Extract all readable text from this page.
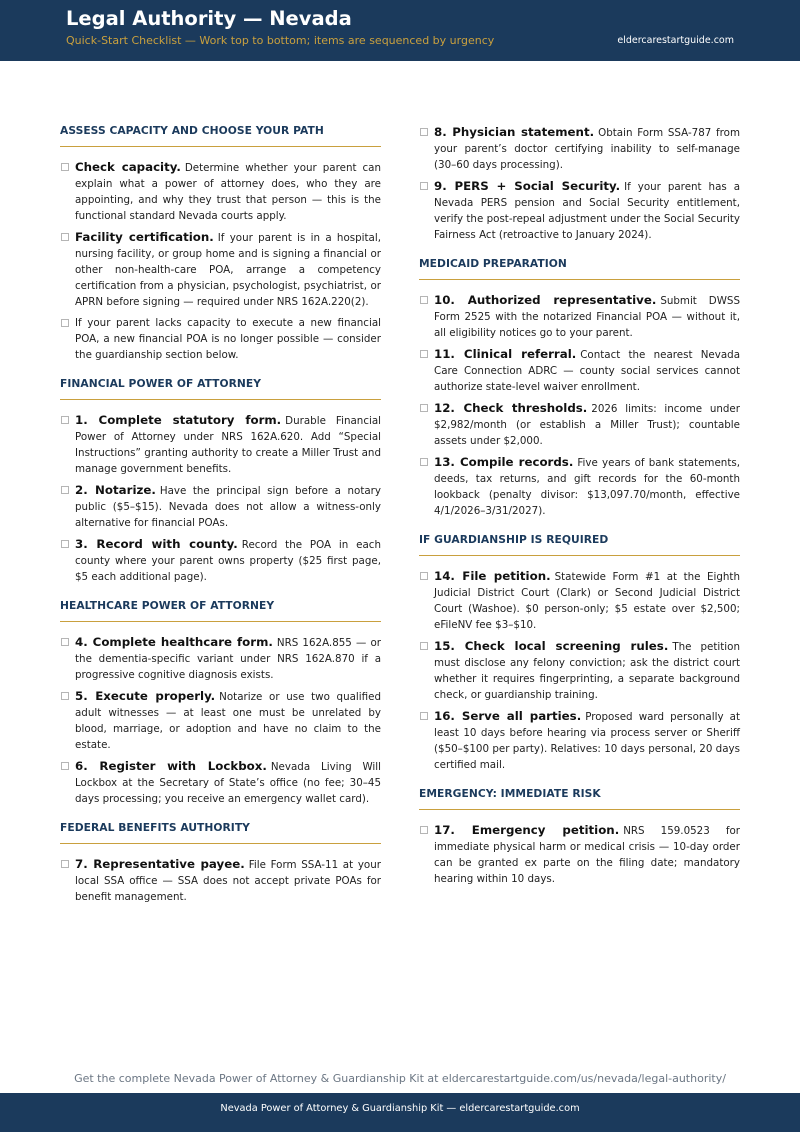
Legal Authority — Nevada
Quick-Start Checklist — Work top to bottom; items are sequenced by urgency	eldercarestartguide.com
ASSESS CAPACITY AND CHOOSE YOUR PATH
Check capacity. Determine whether your parent can explain what a power of attorney does, who they are appointing, and why they trust that person — this is the functional standard Nevada courts apply.
Facility certification. If your parent is in a hospital, nursing facility, or group home and is signing a financial or other non-health-care POA, arrange a competency certification from a physician, psychologist, psychiatrist, or APRN before signing — required under NRS 162A.220(2).
If your parent lacks capacity to execute a new financial POA, a new financial POA is no longer possible — consider the guardianship section below.
FINANCIAL POWER OF ATTORNEY
1. Complete statutory form. Durable Financial Power of Attorney under NRS 162A.620. Add “Special Instructions” granting authority to create a Miller Trust and manage government benefits.
2. Notarize. Have the principal sign before a notary public ($5–$15). Nevada does not allow a witness-only alternative for financial POAs.
3. Record with county. Record the POA in each county where your parent owns property ($25 first page, $5 each additional page).
HEALTHCARE POWER OF ATTORNEY
4. Complete healthcare form. NRS 162A.855 — or the dementia-specific variant under NRS 162A.870 if a progressive cognitive diagnosis exists.
5. Execute properly. Notarize or use two qualified adult witnesses — at least one must be unrelated by blood, marriage, or adoption and have no claim to the estate.
6. Register with Lockbox. Nevada Living Will Lockbox at the Secretary of State’s office (no fee; 30–45 days processing; you receive an emergency wallet card).
FEDERAL BENEFITS AUTHORITY
7. Representative payee. File Form SSA-11 at your local SSA office — SSA does not accept private POAs for benefit management.
8. Physician statement. Obtain Form SSA-787 from your parent’s doctor certifying inability to self-manage (30–60 days processing).
9. PERS + Social Security. If your parent has a Nevada PERS pension and Social Security entitlement, verify the post-repeal adjustment under the Social Security Fairness Act (retroactive to January 2024).
MEDICAID PREPARATION
10. Authorized representative. Submit DWSS Form 2525 with the notarized Financial POA — without it, all eligibility notices go to your parent.
11. Clinical referral. Contact the nearest Nevada Care Connection ADRC — county social services cannot authorize state-level waiver enrollment.
12. Check thresholds. 2026 limits: income under $2,982/month (or establish a Miller Trust); countable assets under $2,000.
13. Compile records. Five years of bank statements, deeds, tax returns, and gift records for the 60-month lookback (penalty divisor: $13,097.70/month, effective 4/1/2026–3/31/2027).
IF GUARDIANSHIP IS REQUIRED
14. File petition. Statewide Form #1 at the Eighth Judicial District Court (Clark) or Second Judicial District Court (Washoe). $0 person-only; $5 estate over $2,500; eFileNV fee $3–$10.
15. Check local screening rules. The petition must disclose any felony conviction; ask the district court whether it requires fingerprinting, a separate background check, or guardianship training.
16. Serve all parties. Proposed ward personally at least 10 days before hearing via process server or Sheriff ($50–$100 per party). Relatives: 10 days personal, 20 days certified mail.
EMERGENCY: IMMEDIATE RISK
17. Emergency petition. NRS 159.0523 for immediate physical harm or medical crisis — 10-day order can be granted ex parte on the filing date; mandatory hearing within 10 days.
Get the complete Nevada Power of Attorney & Guardianship Kit at eldercarestartguide.com/us/nevada/legal-authority/
Nevada Power of Attorney & Guardianship Kit — eldercarestartguide.com
